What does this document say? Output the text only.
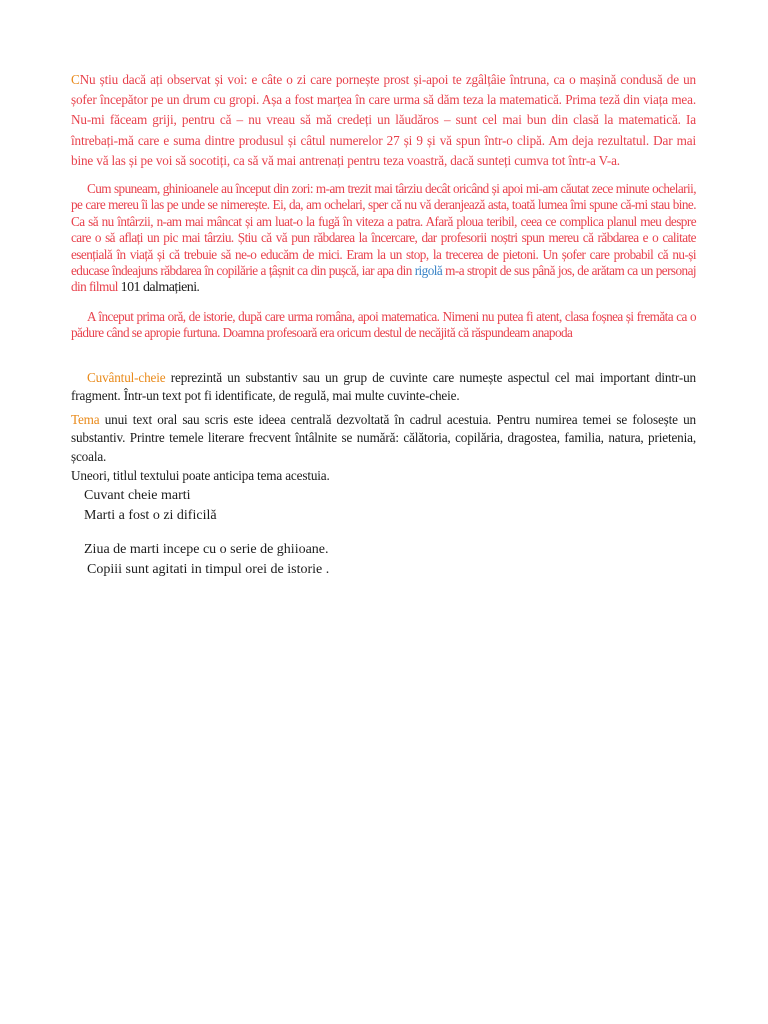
CNu știu dacă ați observat și voi: e câte o zi care pornește prost și-apoi te zgâlțâie întruna, ca o mașină condusă de un șofer începător pe un drum cu gropi. Așa a fost marțea în care urma să dăm teza la matematică. Prima teză din viața mea. Nu-mi făceam griji, pentru că – nu vreau să mă credeți un lăudăros – sunt cel mai bun din clasă la matematică. Ia întrebați-mă care e suma dintre produsul și câtul numerelor 27 și 9 și vă spun într-o clipă. Am deja rezultatul. Dar mai bine vă las și pe voi să socotiți, ca să vă mai antrenați pentru teza voastră, dacă sunteți cumva tot într-a V-a.

Cum spuneam, ghinioanele au început din zori: m-am trezit mai târziu decât oricând și apoi mi-am căutat zece minute ochelarii, pe care mereu îi las pe unde se nimerește. Ei, da, am ochelari, sper că nu vă deranjează asta, toată lumea îmi spune că-mi stau bine. Ca să nu întârzii, n-am mai mâncat și am luat-o la fugă în viteza a patra. Afară ploua teribil, ceea ce complica planul meu despre care o să aflați un pic mai târziu. Știu că vă pun răbdarea la încercare, dar profesorii noștri spun mereu că răbdarea e o calitate esențială în viață și că trebuie să ne-o educăm de mici. Eram la un stop, la trecerea de pietoni. Un șofer care probabil că nu-și educase îndeajuns răbdarea în copilărie a țâșnit ca din pușcă, iar apa din rigolă m-a stropit de sus până jos, de arătam ca un personaj din filmul 101 dalmațieni.

A început prima oră, de istorie, după care urma româna, apoi matematica. Nimeni nu putea fi atent, clasa foșnea și fremăta ca o pădure când se apropie furtuna. Doamna profesoară era oricum destul de necăjită că răspundeam anapoda

Cuvântul-cheie reprezintă un substantiv sau un grup de cuvinte care numește aspectul cel mai important dintr-un fragment. Într-un text pot fi identificate, de regulă, mai multe cuvinte-cheie.

Tema unui text oral sau scris este ideea centrală dezvoltată în cadrul acestuia. Pentru numirea temei se folosește un substantiv. Printre temele literare frecvent întâlnite se numără: călătoria, copilăria, dragostea, familia, natura, prietenia, școala.

Uneori, titlul textului poate anticipa tema acestuia.

Cuvant cheie marti
Marti a fost o zi dificilă
Ziua de marti incepe cu o serie de ghiioane.
Copiii sunt agitati in timpul orei de istorie .
